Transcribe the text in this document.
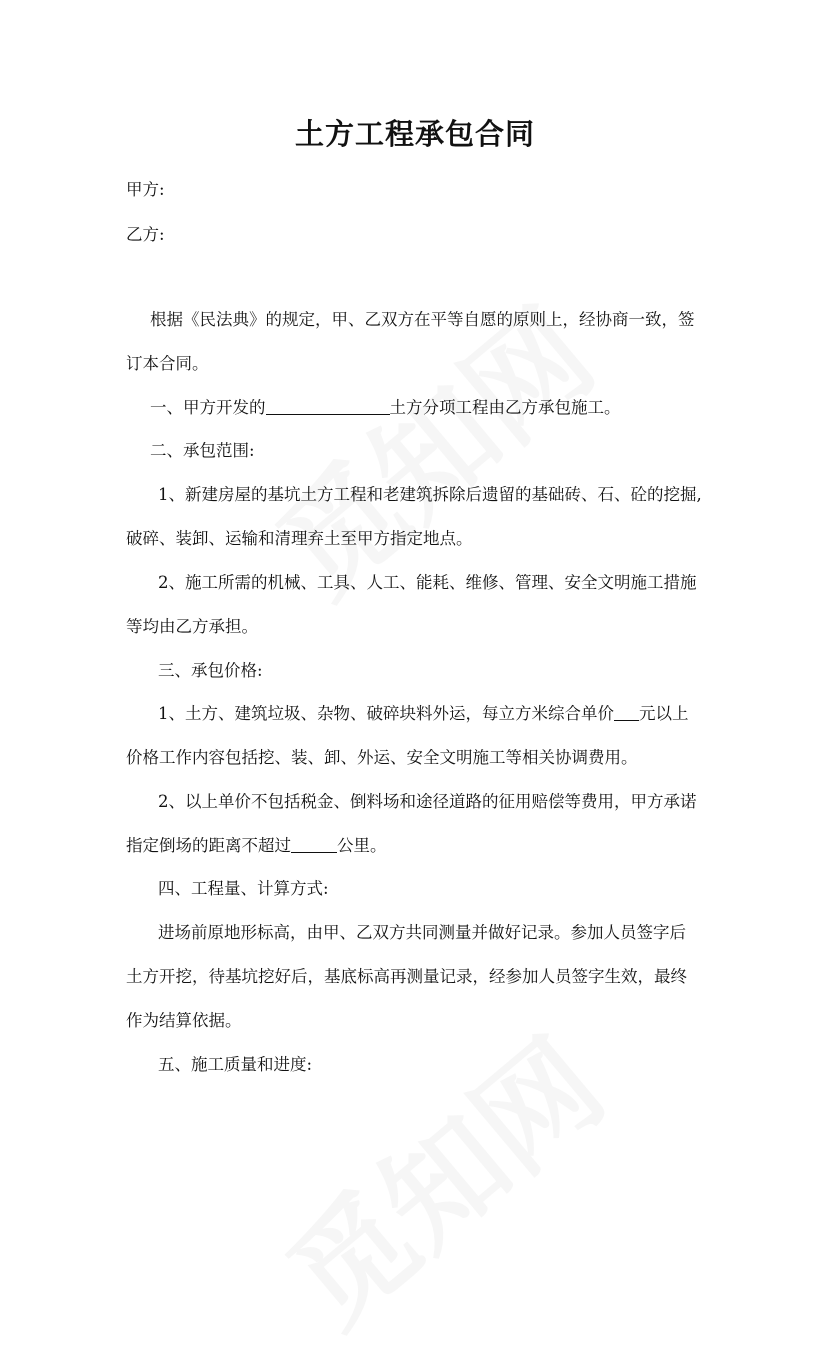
土方工程承包合同
甲方:
乙方:
根据《民法典》的规定，甲、乙双方在平等自愿的原则上，经协商一致，签
订本合同。
一、甲方开发的	土方分项工程由乙方承包施工。
二、承包范围:
1、新建房屋的基坑土方工程和老建筑拆除后遗留的基础砖、石、砼的挖掘,
破碎、装卸、运输和清理弃土至甲方指定地点。
2、施工所需的机械、工具、人工、能耗、维修、管理、安全文明施工措施
等均由乙方承担。
三、承包价格:
1、土方、建筑垃圾、杂物、破碎块料外运，每立方米综合单价 元以上
价格工作内容包括挖、装、卸、外运、安全文明施工等相关协调费用。
2、以上单价不包括税金、倒料场和途径道路的征用赔偿等费用，甲方承诺
指定倒场的距离不超过	公里。
四、工程量、计算方式:
进场前原地形标高，由甲、乙双方共同测量并做好记录。参加人员签字后
土方开挖，待基坑挖好后，基底标高再测量记录，经参加人员签字生效，最终
作为结算依据。
五、施工质量和进度:
